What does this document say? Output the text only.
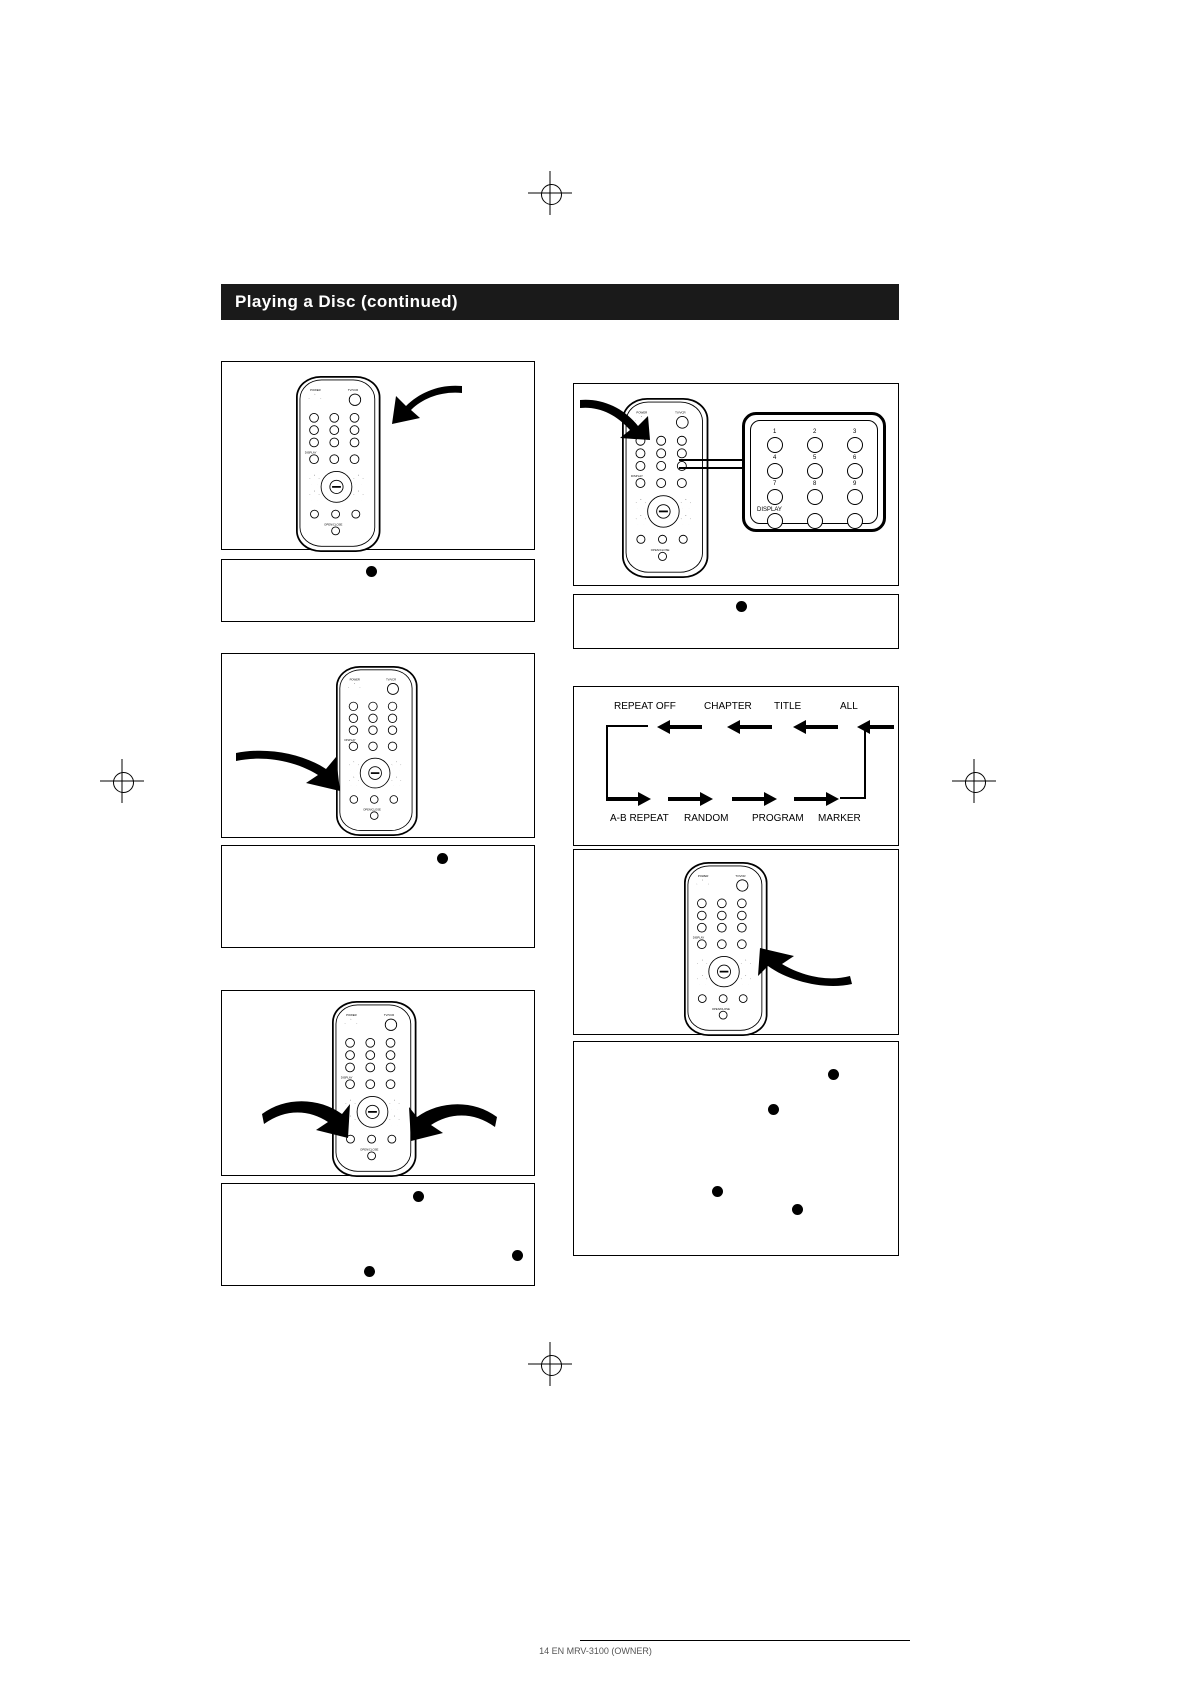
Playing a Disc (continued)
POWER	TV/VCR
DISPLAY
OPEN/CLOSE
POWER	TV/VCR
DISPLAY
OPEN/CLOSE
POWER	TV/VCR
DISPLAY
OPEN/CLOSE
POWER	TV/VCR
DISPLAY
OPEN/CLOSE
1	2	3
4	5	6
7	8	9
DISPLAY
REPEAT OFF	CHAPTER TITLE	ALL
A-B REPEAT RANDOM PROGRAM MARKER
POWER	TV/VCR
DISPLAY
OPEN/CLOSE
14 EN MRV-3100 (OWNER)
